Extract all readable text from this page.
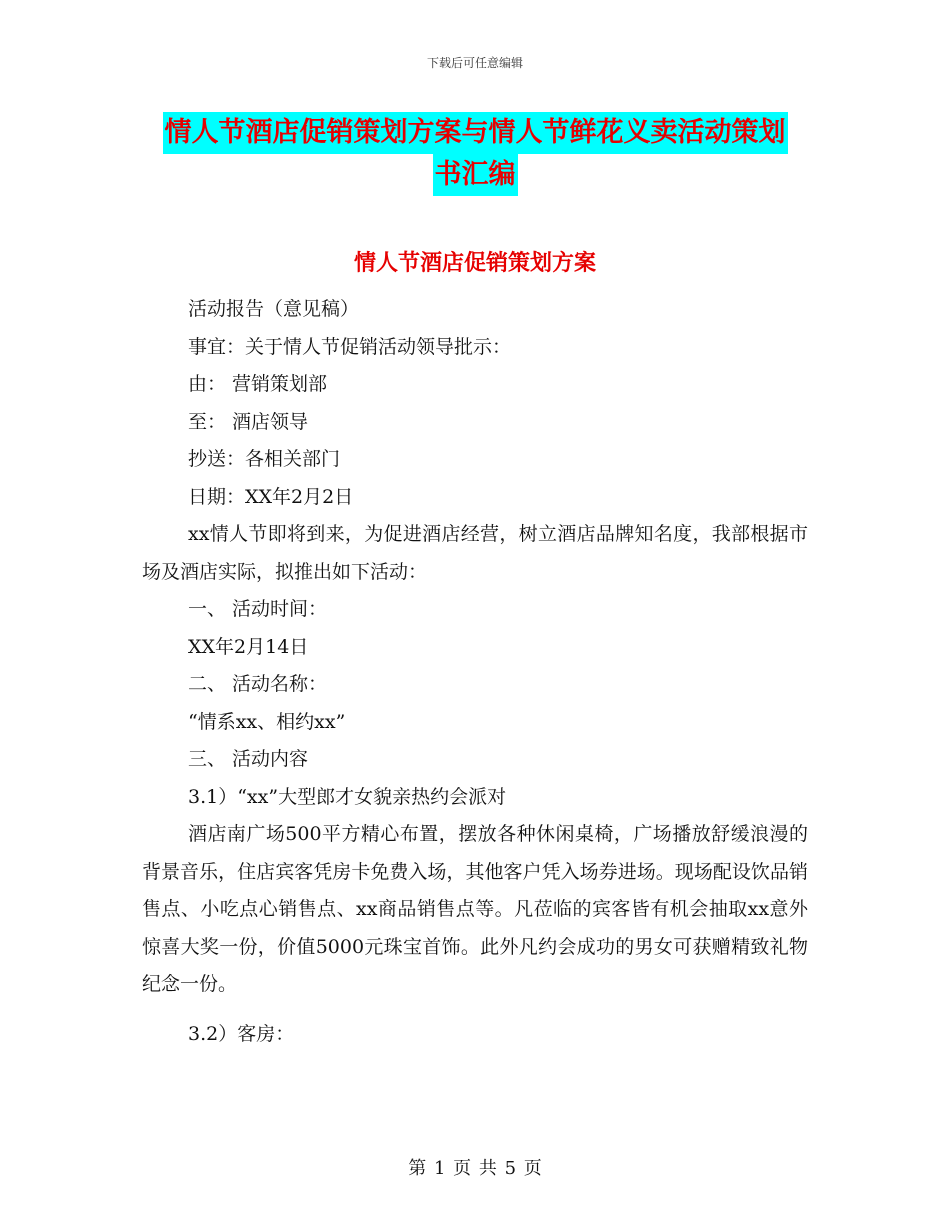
下载后可任意编辑
情人节酒店促销策划方案与情人节鲜花义卖活动策划
书汇编
情人节酒店促销策划方案

活动报告（意见稿）

事宜：关于情人节促销活动领导批示：

由： 营销策划部

至： 酒店领导

抄送：各相关部门

日期：XX年2月2日

xx情人节即将到来，为促进酒店经营，树立酒店品牌知名度，我部根据市场及酒店实际，拟推出如下活动：

一、 活动时间：

XX年2月14日

二、 活动名称：

“情系xx、相约xx”

三、 活动内容

3.1）“xx”大型郎才女貌亲热约会派对

酒店南广场500平方精心布置，摆放各种休闲桌椅，广场播放舒缓浪漫的背景音乐，住店宾客凭房卡免费入场，其他客户凭入场券进场。现场配设饮品销售点、小吃点心销售点、xx商品销售点等。凡莅临的宾客皆有机会抽取xx意外惊喜大奖一份，价值5000元珠宝首饰。此外凡约会成功的男女可获赠精致礼物纪念一份。

3.2）客房：

第 1 页 共 5 页
